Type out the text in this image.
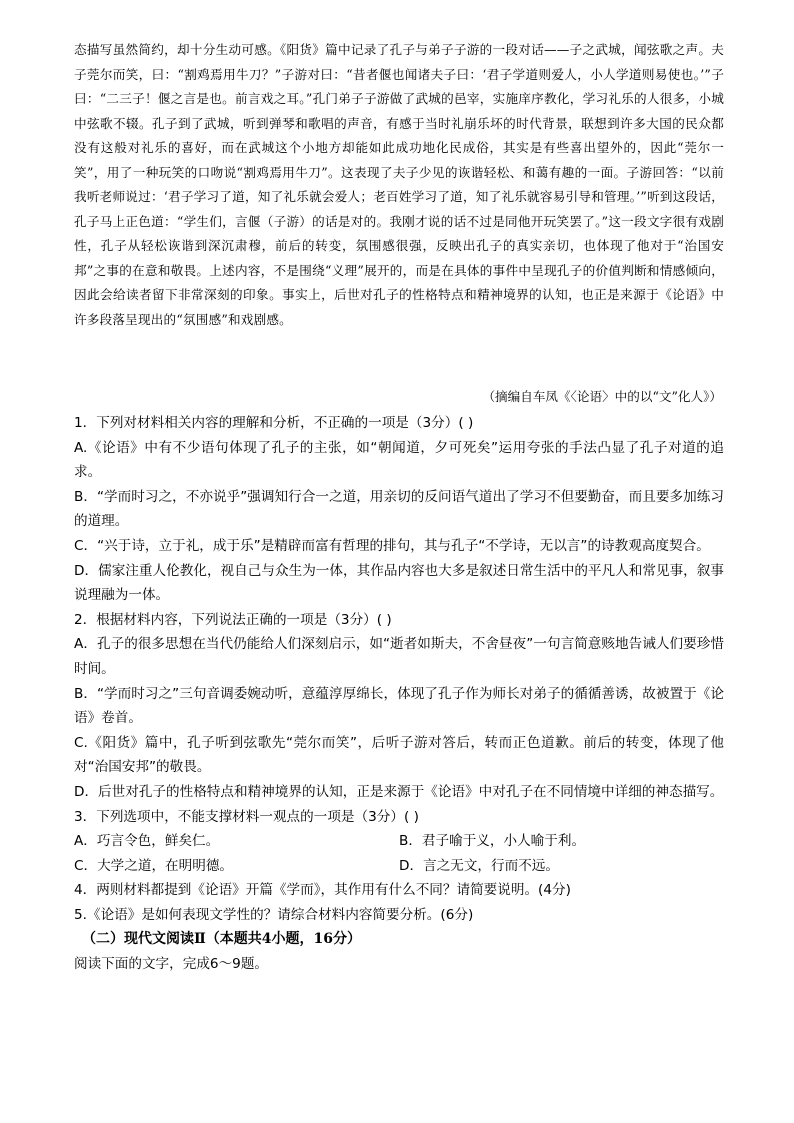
态描写虽然简约，却十分生动可感。《阳货》篇中记录了孔子与弟子子游的一段对话——子之武城，闻弦歌之声。夫子莞尔而笑，曰：“割鸡焉用牛刀？”子游对曰：“昔者偃也闻诸夫子曰：‘君子学道则爱人，小人学道则易使也。’”子曰：“二三子！偃之言是也。前言戏之耳。”孔门弟子子游做了武城的邑宰，实施庠序教化，学习礼乐的人很多，小城中弦歌不辍。孔子到了武城，听到弹琴和歌唱的声音，有感于当时礼崩乐坏的时代背景，联想到许多大国的民众都没有这般对礼乐的喜好，而在武城这个小地方却能如此成功地化民成俗，其实是有些喜出望外的，因此“莞尔一笑”，用了一种玩笑的口吻说“割鸡焉用牛刀”。这表现了夫子少见的诙谐轻松、和蔼有趣的一面。子游回答：“以前我听老师说过：‘君子学习了道，知了礼乐就会爱人；老百姓学习了道，知了礼乐就容易引导和管理。’”听到这段话，孔子马上正色道：“学生们，言偃（子游）的话是对的。我刚才说的话不过是同他开玩笑罢了。”这一段文字很有戏剧性，孔子从轻松诙谐到深沉肃穆，前后的转变，氛围感很强，反映出孔子的真实亲切，也体现了他对于“治国安邦”之事的在意和敬畏。上述内容，不是围绕“义理”展开的，而是在具体的事件中呈现孔子的价值判断和情感倾向，因此会给读者留下非常深刻的印象。事实上，后世对孔子的性格特点和精神境界的认知，也正是来源于《论语》中许多段落呈现出的“氛围感”和戏剧感。

（摘编自车凤《〈论语〉中的以“文”化人》）

1．下列对材料相关内容的理解和分析，不正确的一项是（3分）( )

A.《论语》中有不少语句体现了孔子的主张，如“朝闻道，夕可死矣”运用夸张的手法凸显了孔子对道的追求。

B．“学而时习之，不亦说乎”强调知行合一之道，用亲切的反问语气道出了学习不但要勤奋，而且要多加练习的道理。

C．“兴于诗，立于礼，成于乐”是精辟而富有哲理的排句，其与孔子“不学诗，无以言”的诗教观高度契合。

D．儒家注重人伦教化，视自己与众生为一体，其作品内容也大多是叙述日常生活中的平凡人和常见事，叙事说理融为一体。

2．根据材料内容，下列说法正确的一项是（3分）( )

A．孔子的很多思想在当代仍能给人们深刻启示，如“逝者如斯夫，不舍昼夜”一句言简意赅地告诫人们要珍惜时间。

B．“学而时习之”三句音调委婉动听，意蕴淳厚绵长，体现了孔子作为师长对弟子的循循善诱，故被置于《论语》卷首。

C.《阳货》篇中，孔子听到弦歌先“莞尔而笑”，后听子游对答后，转而正色道歉。前后的转变，体现了他对“治国安邦”的敬畏。

D．后世对孔子的性格特点和精神境界的认知，正是来源于《论语》中对孔子在不同情境中详细的神态描写。

3．下列选项中，不能支撑材料一观点的一项是（3分）( )

A．巧言令色，鲜矣仁。	B．君子喻于义，小人喻于利。
C．大学之道，在明明德。	D．言之无文，行而不远。

4．两则材料都提到《论语》开篇《学而》，其作用有什么不同？请简要说明。(4分)

5.《论语》是如何表现文学性的？请综合材料内容简要分析。(6分)

（二）现代文阅读Ⅱ（本题共4小题，16分）

阅读下面的文字，完成6～9题。
